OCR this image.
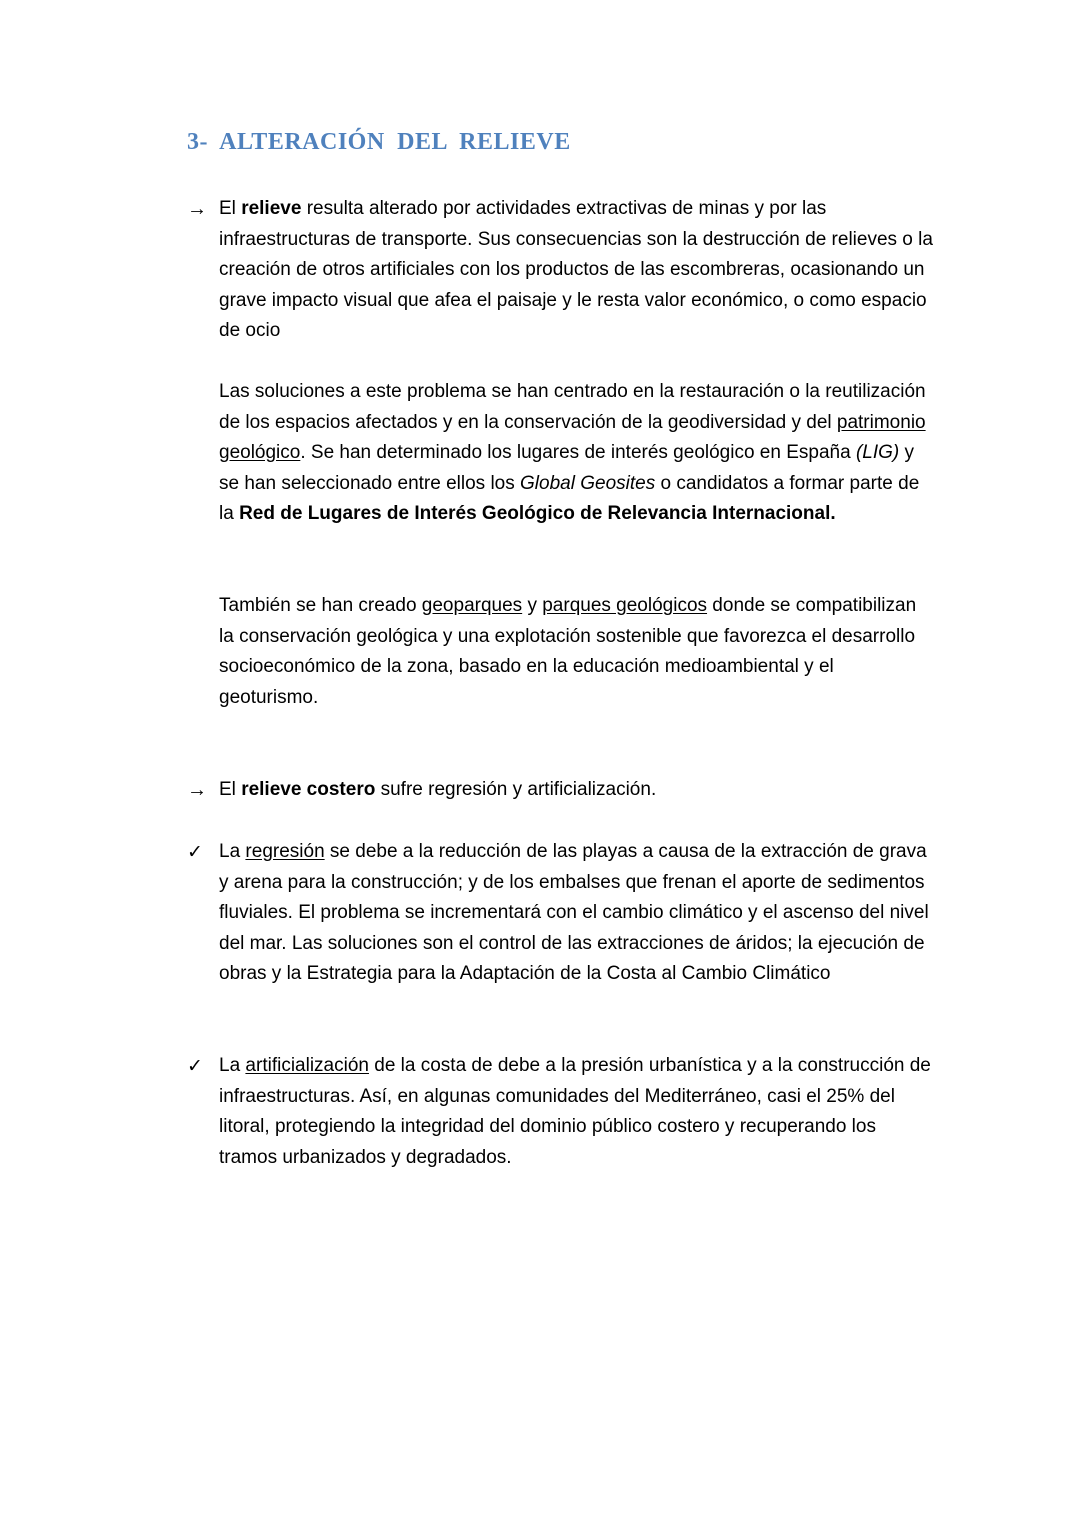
3- ALTERACIÓN DEL RELIEVE
→ El relieve resulta alterado por actividades extractivas de minas y por las infraestructuras de transporte. Sus consecuencias son la destrucción de relieves o la creación de otros artificiales con los productos de las escombreras, ocasionando un grave impacto visual que afea el paisaje y le resta valor económico, o como espacio de ocio

Las soluciones a este problema se han centrado en la restauración o la reutilización de los espacios afectados y en la conservación de la geodiversidad y del patrimonio geológico. Se han determinado los lugares de interés geológico en España (LIG) y se han seleccionado entre ellos los Global Geosites o candidatos a formar parte de la Red de Lugares de Interés Geológico de Relevancia Internacional.

También se han creado geoparques y parques geológicos donde se compatibilizan la conservación geológica y una explotación sostenible que favorezca el desarrollo socioeconómico de la zona, basado en la educación medioambiental y el geoturismo.

→ El relieve costero sufre regresión y artificialización.

✓ La regresión se debe a la reducción de las playas a causa de la extracción de grava y arena para la construcción; y de los embalses que frenan el aporte de sedimentos fluviales. El problema se incrementará con el cambio climático y el ascenso del nivel del mar. Las soluciones son el control de las extracciones de áridos; la ejecución de obras y la Estrategia para la Adaptación de la Costa al Cambio Climático

✓ La artificialización de la costa de debe a la presión urbanística y a la construcción de infraestructuras. Así, en algunas comunidades del Mediterráneo, casi el 25% del litoral, protegiendo la integridad del dominio público costero y recuperando los tramos urbanizados y degradados.
